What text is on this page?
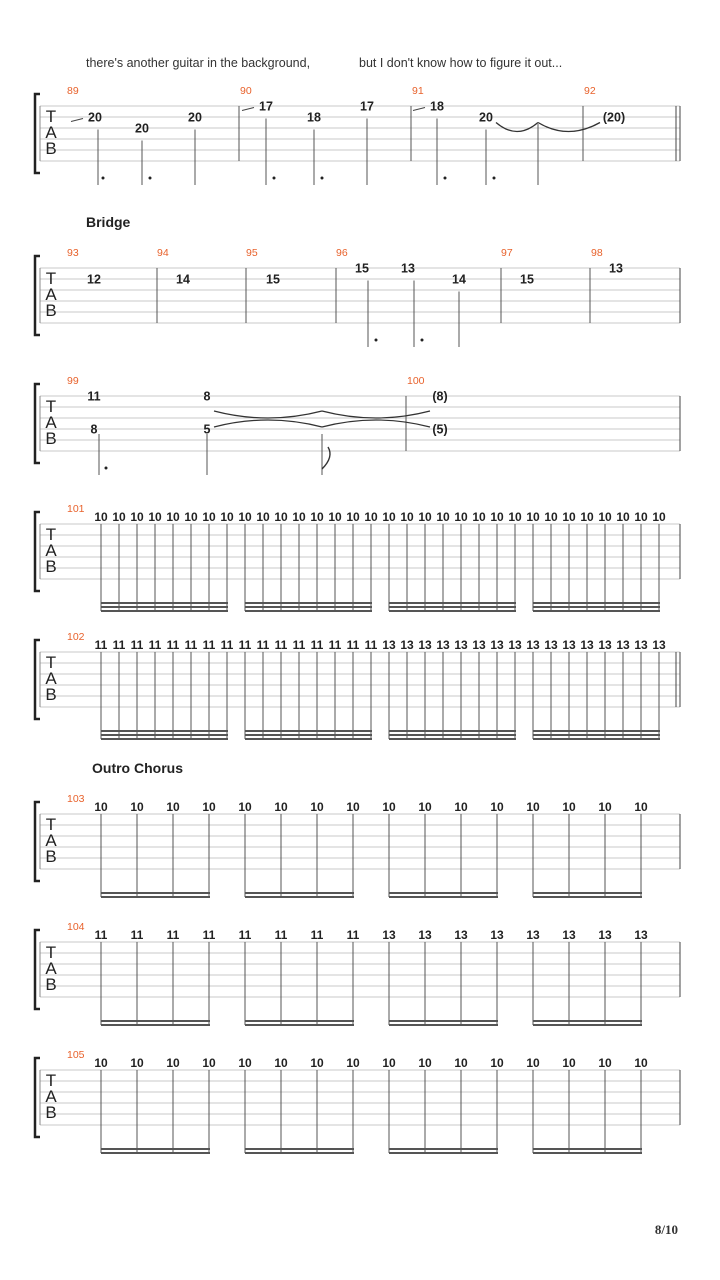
there's another guitar in the background,	but I don't know how to figure it out...
Bridge
Outro Chorus
8/10
T
A
B
89	90	91	92
20
20
20
17
18
17	18
20	(20)
T
A
B
93	94	95	96	97	98
12	14	15
15	13
14	15
13
T
A
B
99	100
11
8
8
5
(8)
(5)
T
A
B
101
10 10 10 10 10 10 10 10 10 10 10 10 10 10 10 10 10 10 10 10 10 10 10 10 10 10 10 10 10 10 10 10
T
A
B
102
11 11 11 11 11 11 11 11 11 11 11 11 11 11 11 11 13 13 13 13 13 13 13 13 13 13 13 13 13 13 13 13
T
A
B
103
10 10 10 10 10 10 10 10 10 10 10 10 10 10 10 10
T
A
B
104
11 11 11 11 11 11 11 11 13 13 13 13 13 13 13 13
T
A
B
105
10 10 10 10 10 10 10 10 10 10 10 10 10 10 10 10
